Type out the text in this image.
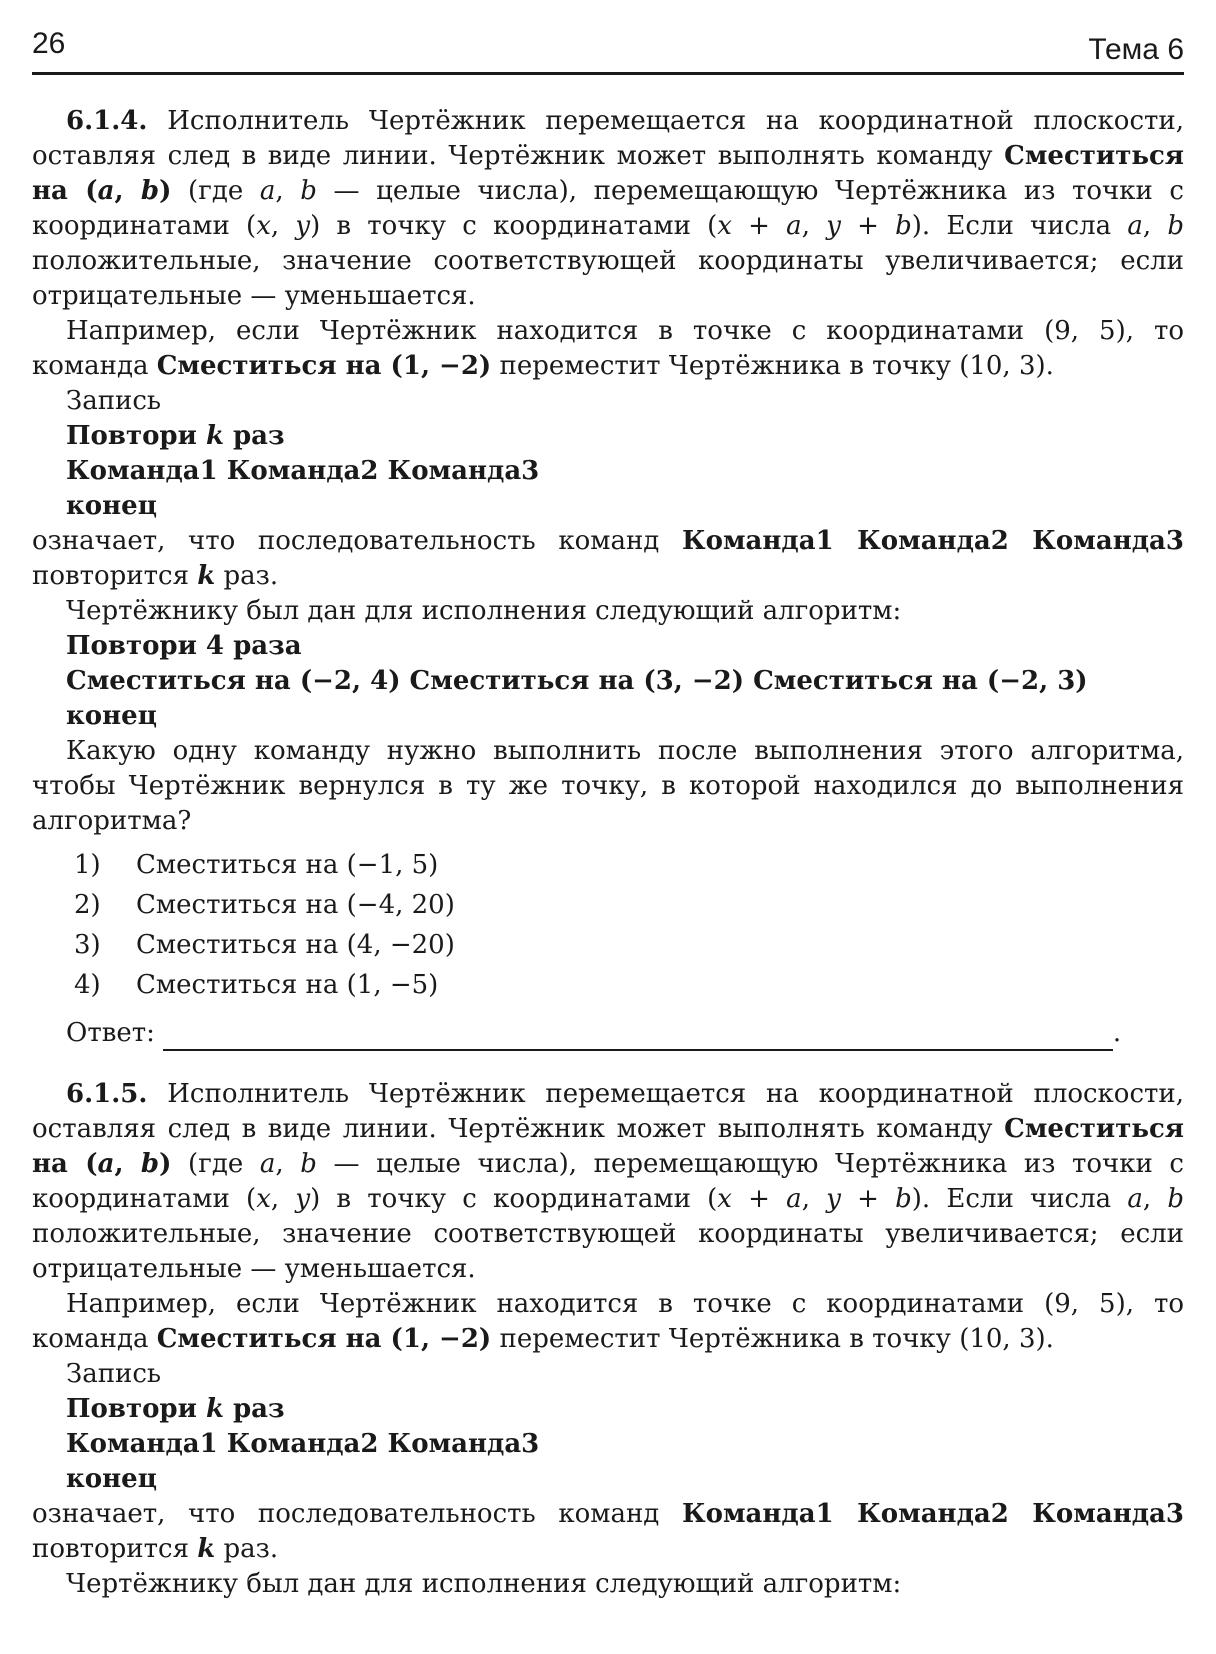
26	Тема 6

6.1.4. Исполнитель Чертёжник перемещается на координатной плоскости, оставляя след в виде линии. Чертёжник может выполнять команду Сместиться на (a, b) (где a, b — целые числа), перемещающую Чертёжника из точки с координатами (x, y) в точку с координатами (x + a, y + b). Если числа a, b положительные, значение соответствующей координаты увеличивается; если отрицательные — уменьшается.

Например, если Чертёжник находится в точке с координатами (9, 5), то команда Сместиться на (1, −2) переместит Чертёжника в точку (10, 3).

Запись

Повтори k раз

Команда1 Команда2 Команда3

конец

означает, что последовательность команд Команда1 Команда2 Команда3 повторится k раз.

Чертёжнику был дан для исполнения следующий алгоритм:

Повтори 4 раза

Сместиться на (−2, 4) Сместиться на (3, −2) Сместиться на (−2, 3)

конец

Какую одну команду нужно выполнить после выполнения этого алгоритма, чтобы Чертёжник вернулся в ту же точку, в которой находился до выполнения алгоритма?

1) Сместиться на (−1, 5)
2) Сместиться на (−4, 20)
3) Сместиться на (4, −20)
4) Сместиться на (1, −5)
Ответ:	.

6.1.5. Исполнитель Чертёжник перемещается на координатной плоскости, оставляя след в виде линии. Чертёжник может выполнять команду Сместиться на (a, b) (где a, b — целые числа), перемещающую Чертёжника из точки с координатами (x, y) в точку с координатами (x + a, y + b). Если числа a, b положительные, значение соответствующей координаты увеличивается; если отрицательные — уменьшается.

Например, если Чертёжник находится в точке с координатами (9, 5), то команда Сместиться на (1, −2) переместит Чертёжника в точку (10, 3).

Запись

Повтори k раз

Команда1 Команда2 Команда3

конец

означает, что последовательность команд Команда1 Команда2 Команда3 повторится k раз.

Чертёжнику был дан для исполнения следующий алгоритм:
